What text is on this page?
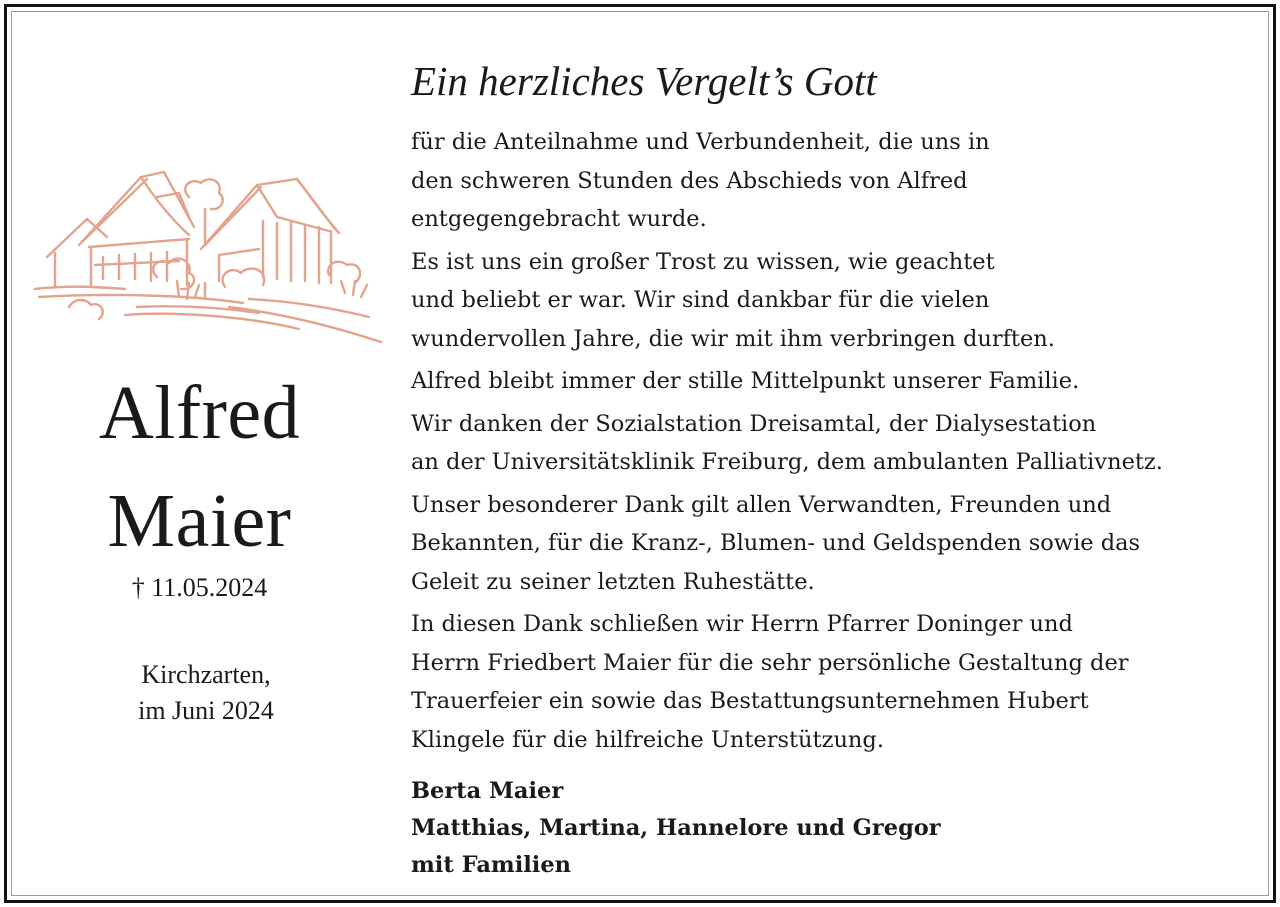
Alfred
Maier
† 11.05.2024
Kirchzarten,
im Juni 2024
Ein herzliches Vergelt’s Gott

für die Anteilnahme und Verbundenheit, die uns in
den schweren Stunden des Abschieds von Alfred
entgegengebracht wurde.

Es ist uns ein großer Trost zu wissen, wie geachtet
und beliebt er war. Wir sind dankbar für die vielen
wundervollen Jahre, die wir mit ihm verbringen durften.

Alfred bleibt immer der stille Mittelpunkt unserer Familie.

Wir danken der Sozialstation Dreisamtal, der Dialysestation
an der Universitätsklinik Freiburg, dem ambulanten Palliativnetz.

Unser besonderer Dank gilt allen Verwandten, Freunden und
Bekannten, für die Kranz-, Blumen- und Geldspenden sowie das
Geleit zu seiner letzten Ruhestätte.

In diesen Dank schließen wir Herrn Pfarrer Doninger und
Herrn Friedbert Maier für die sehr persönliche Gestaltung der
Trauerfeier ein sowie das Bestattungsunternehmen Hubert
Klingele für die hilfreiche Unterstützung.

Berta Maier
Matthias, Martina, Hannelore und Gregor
mit Familien
